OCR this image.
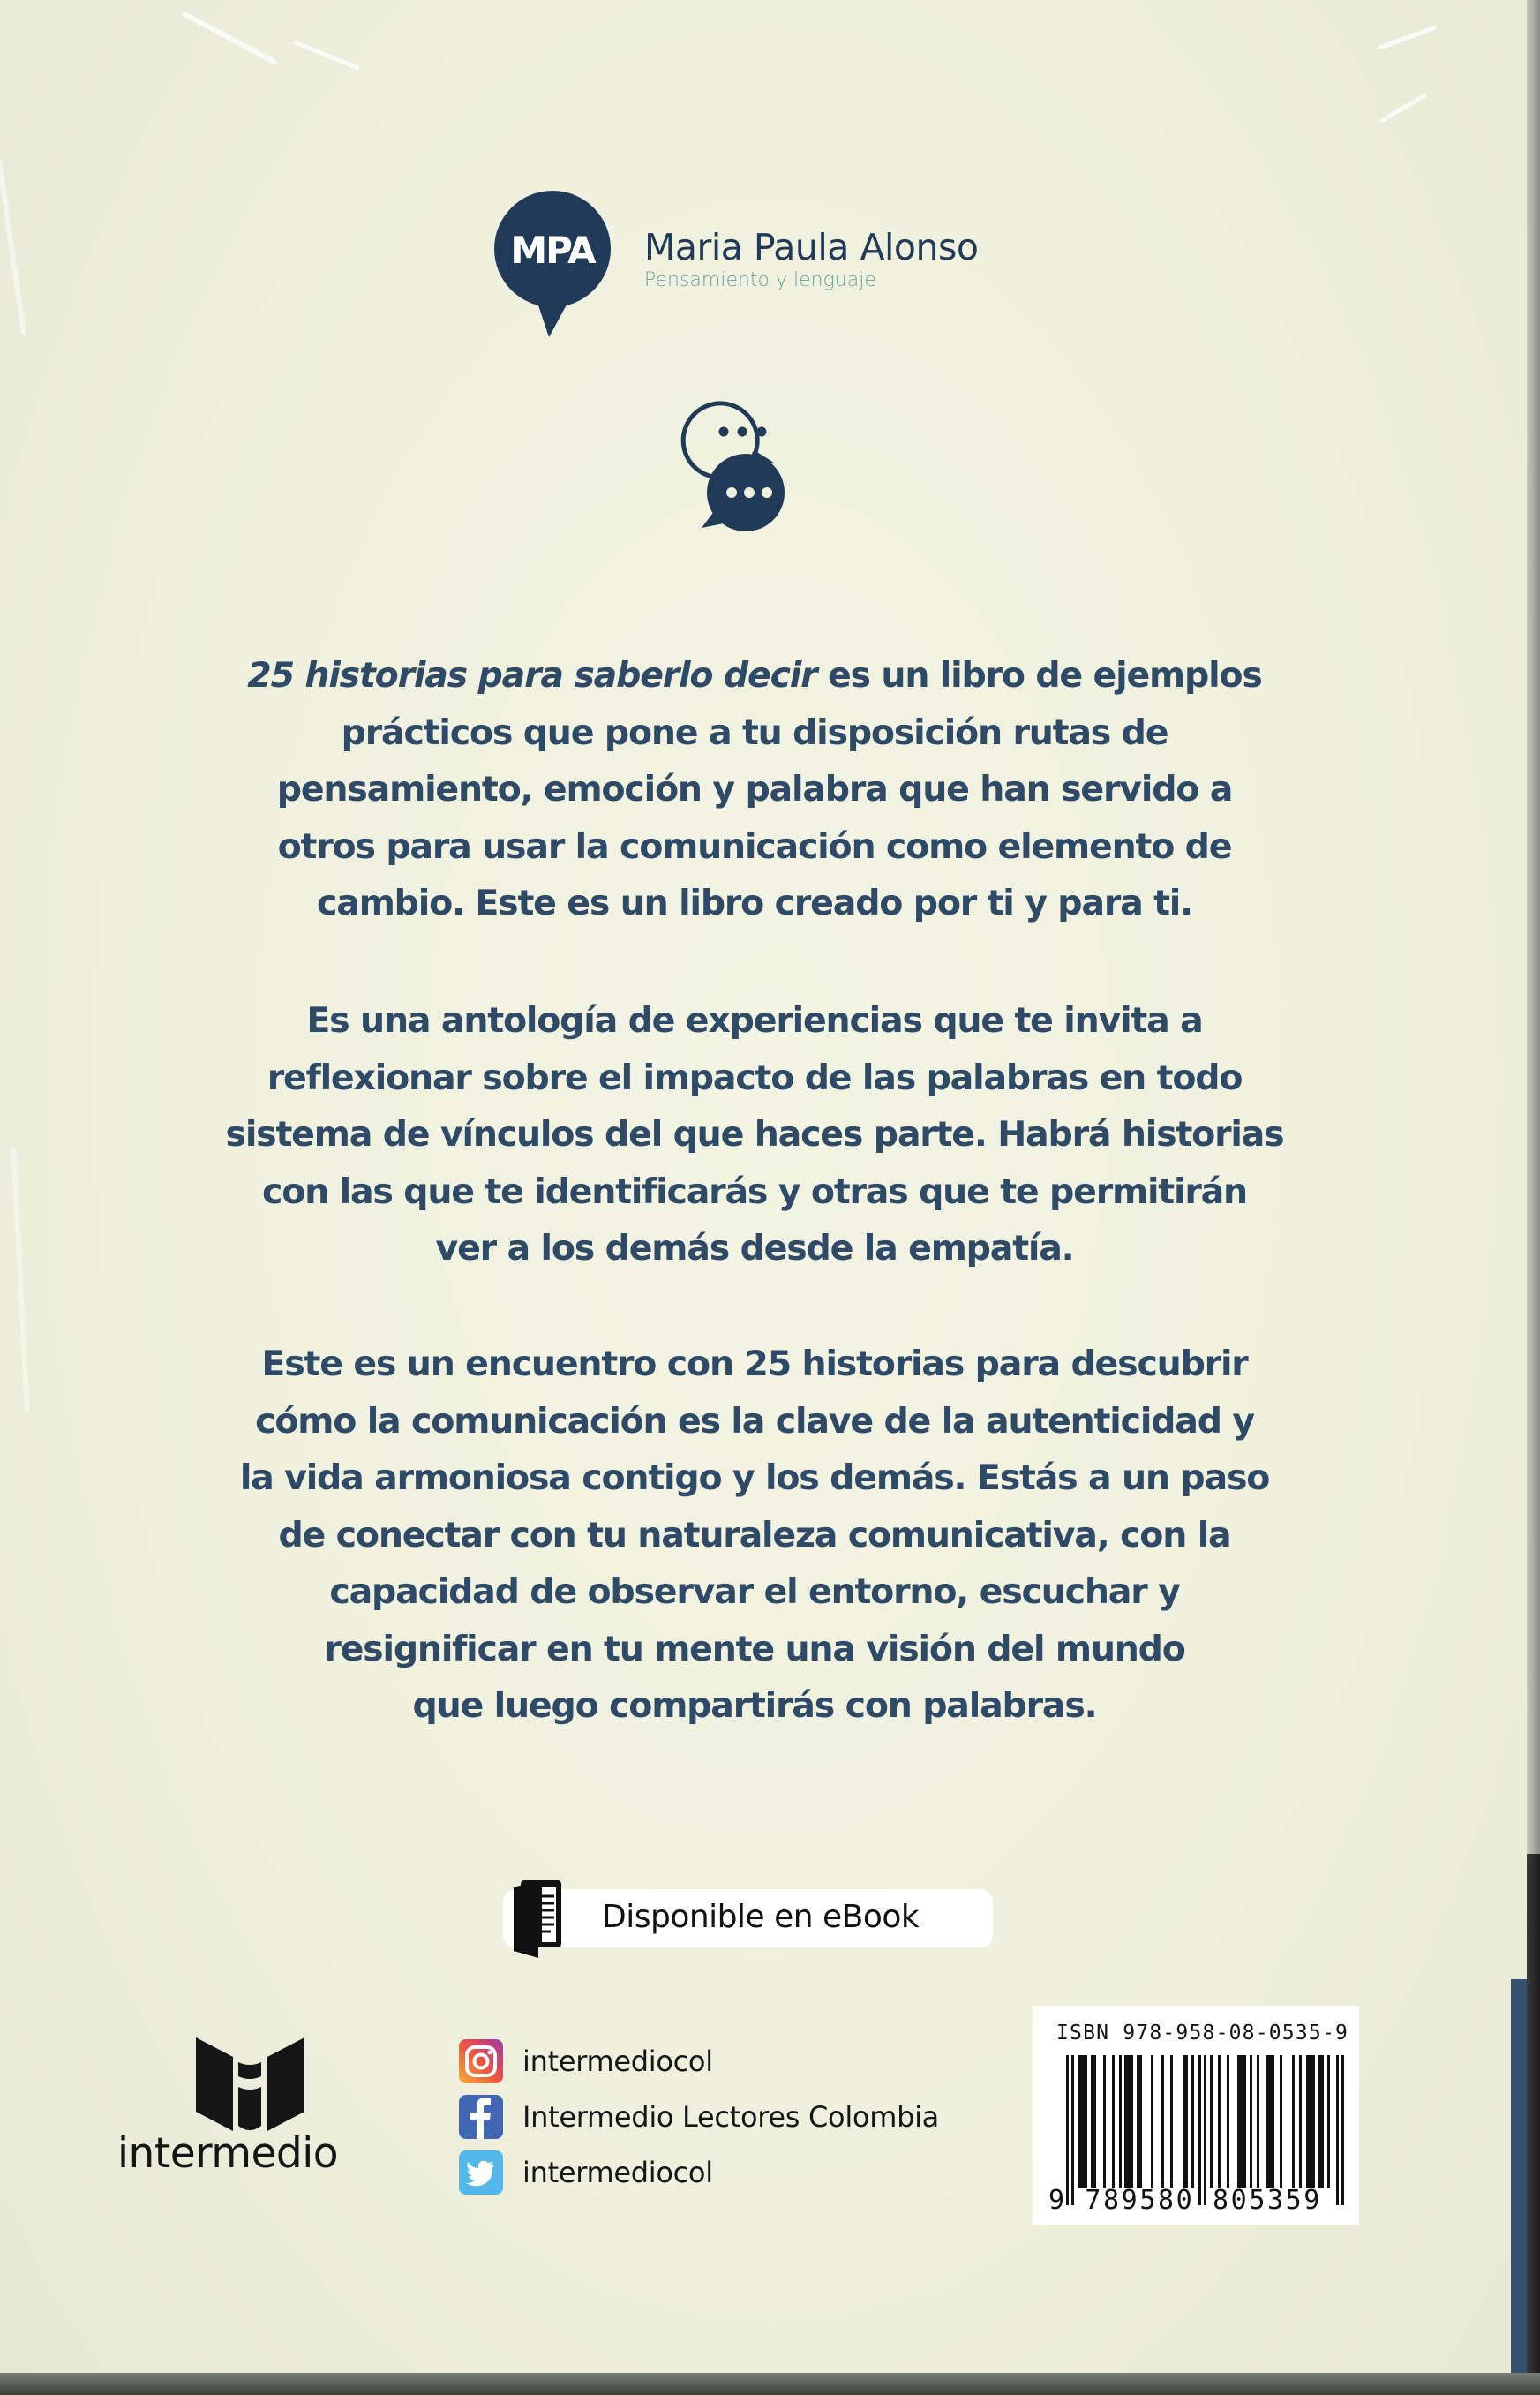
MPA Maria Paula Alonso
Pensamiento y lenguaje
25 historias para saberlo decir es un libro de ejemplos
prácticos que pone a tu disposición rutas de
pensamiento, emoción y palabra que han servido a
otros para usar la comunicación como elemento de
cambio. Este es un libro creado por ti y para ti.
Es una antología de experiencias que te invita a
reflexionar sobre el impacto de las palabras en todo
sistema de vínculos del que haces parte. Habrá historias
con las que te identificarás y otras que te permitirán
ver a los demás desde la empatía.
Este es un encuentro con 25 historias para descubrir
cómo la comunicación es la clave de la autenticidad y
la vida armoniosa contigo y los demás. Estás a un paso
de conectar con tu naturaleza comunicativa, con la
capacidad de observar el entorno, escuchar y
resignificar en tu mente una visión del mundo
que luego compartirás con palabras.
Disponible en eBook
intermedio
intermediocol
Intermedio Lectores Colombia
intermediocol
ISBN 978-958-08-0535-9
9 789580 805359
